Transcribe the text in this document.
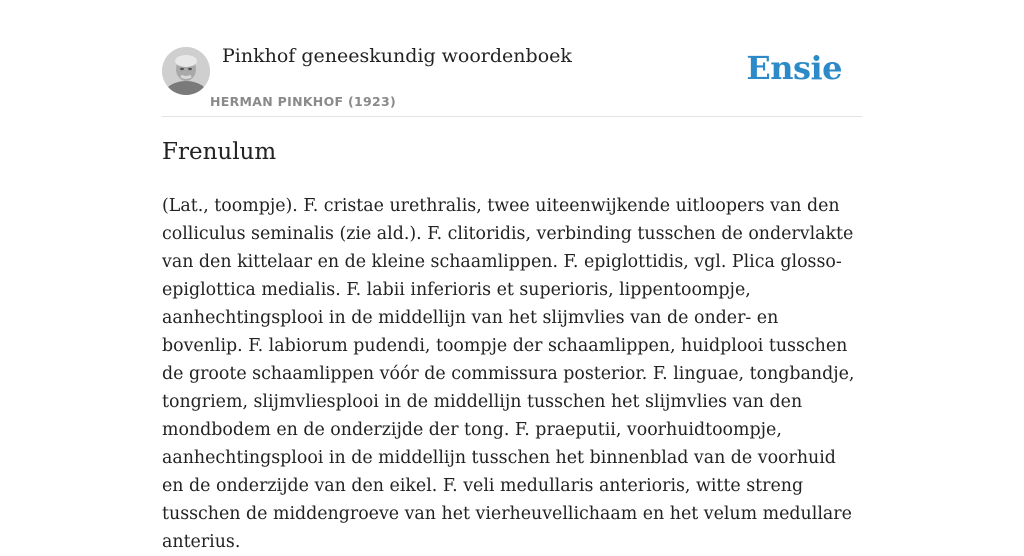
Pinkhof geneeskundig woordenboek
HERMAN PINKHOF (1923)
Ensie
Frenulum

(Lat., toompje). F. cristae urethralis, twee uiteenwijkende uitloopers van den colliculus seminalis (zie ald.). F. clitoridis, verbinding tusschen de ondervlakte van den kittelaar en de kleine schaamlippen. F. epiglottidis, vgl. Plica glosso-epiglottica medialis. F. labii inferioris et superioris, lippentoompje, aanhechtingsplooi in de middellijn van het slijmvlies van de onder- en bovenlip. F. labiorum pudendi, toompje der schaamlippen, huidplooi tusschen de groote schaamlippen vóór de commissura posterior. F. linguae, tongbandje, tongriem, slijmvliesplooi in de middellijn tusschen het slijmvlies van den mondbodem en de onderzijde der tong. F. praeputii, voorhuidtoompje, aanhechtingsplooi in de middellijn tusschen het binnenblad van de voorhuid en de onderzijde van den eikel. F. veli medullaris anterioris, witte streng tusschen de middengroeve van het vierheuvellichaam en het velum medullare anterius.
